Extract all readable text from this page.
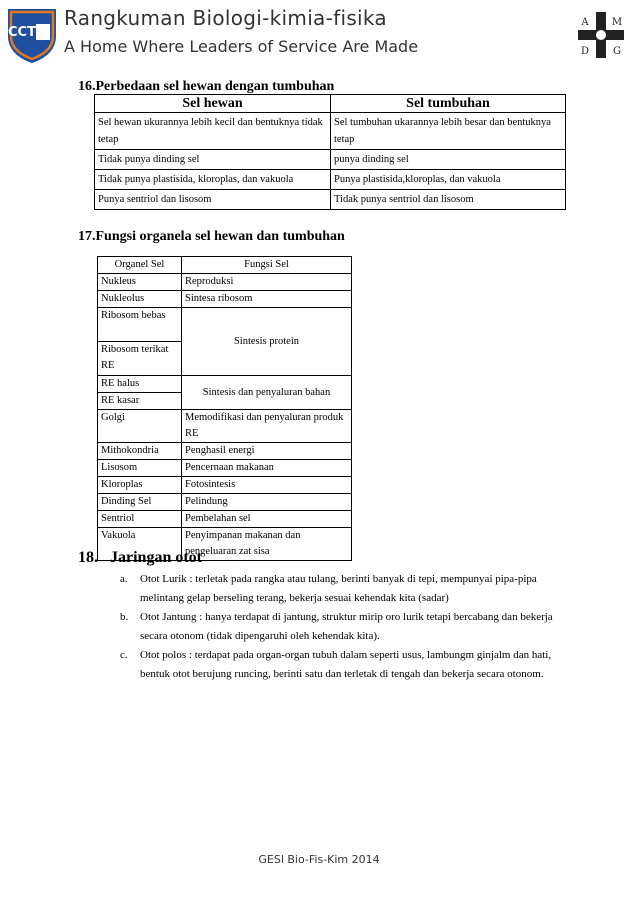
CCT
Rangkuman Biologi-kimia-fisika
A Home Where Leaders of Service Are Made
A M
D G
16.Perbedaan sel hewan dengan tumbuhan
Sel hewan	Sel tumbuhan
Sel hewan ukurannya lebih kecil dan bentuknya tidak tetap	Sel tumbuhan ukarannya lebih besar dan bentuknya tetap
Tidak punya dinding sel	punya dinding sel
Tidak punya plastisida, kloroplas, dan vakuola	Punya plastisida,kloroplas, dan vakuola
Punya sentriol dan lisosom	Tidak punya sentriol dan lisosom
17.Fungsi organela sel hewan dan tumbuhan
Organel Sel	Fungsi Sel
Nukleus	Reproduksi
Nukleolus	Sintesa ribosom
Ribosom bebas	Sintesis protein
Ribosom terikat RE	
RE halus	Sintesis dan penyaluran bahan
RE kasar	
Golgi	Memodifikasi dan penyaluran produk RE
Mithokondria	Penghasil energi
Lisosom	Pencernaan makanan
Kloroplas	Fotosintesis
Dinding Sel	Pelindung
Sentriol	Pembelahan sel
Vakuola	Penyimpanan makanan dan pengeluaran zat sisa
18.   Jaringan otot

a. Otot Lurik : terletak pada rangka atau tulang, berinti banyak di tepi, mempunyai pipa-pipa melintang gelap berseling terang, bekerja sesuai kehendak kita (sadar)

b. Otot Jantung : hanya terdapat di jantung, struktur mirip oro lurik tetapi bercabang dan bekerja secara otonom (tidak dipengaruhi oleh kehendak kita).

c. Otot polos : terdapat pada organ-organ tubuh dalam seperti usus, lambungm ginjalm dan hati, bentuk otot berujung runcing, berinti satu dan terletak di tengah dan bekerja secara otonom.

GESl Bio-Fis-Kim 2014
